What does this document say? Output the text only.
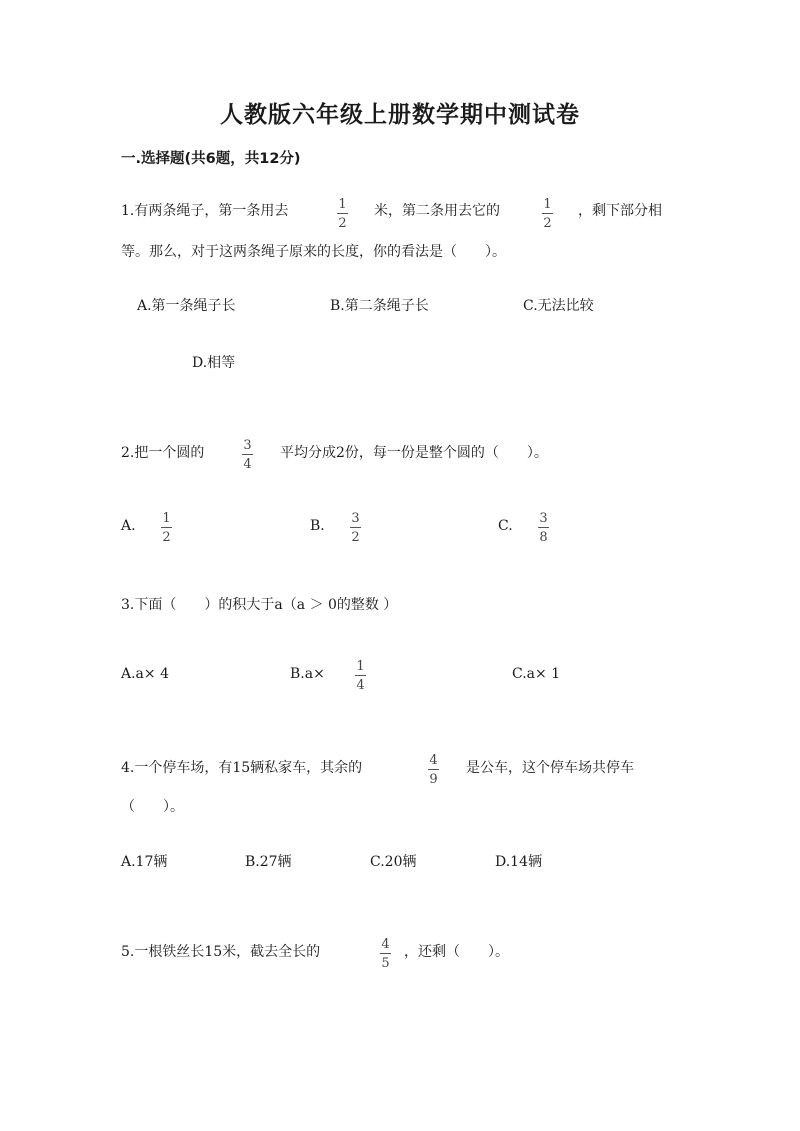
人教版六年级上册数学期中测试卷
一.选择题(共6题，共12分)
1.有两条绳子，第一条用去	1
2
米，第二条用去它的	1
2
，剩下部分相
等。那么，对于这两条绳子原来的长度，你的看法是（　　）。
A.第一条绳子长	B.第二条绳子长	C.无法比较
D.相等
2.把一个圆的	3
4
平均分成2份，每一份是整个圆的（　　）。
A. 1
2
B. 3
2
C. 3
8
3.下面（　　）的积大于a（a ＞ 0的整数 ）
A.a× 4	B.a× 1
4
C.a× 1
4.一个停车场，有15辆私家车，其余的	4
9
是公车，这个停车场共停车
（　　）。
A.17辆	B.27辆	C.20辆	D.14辆
5.一根铁丝长15米，截去全长的	4
5
，还剩（　　）。
